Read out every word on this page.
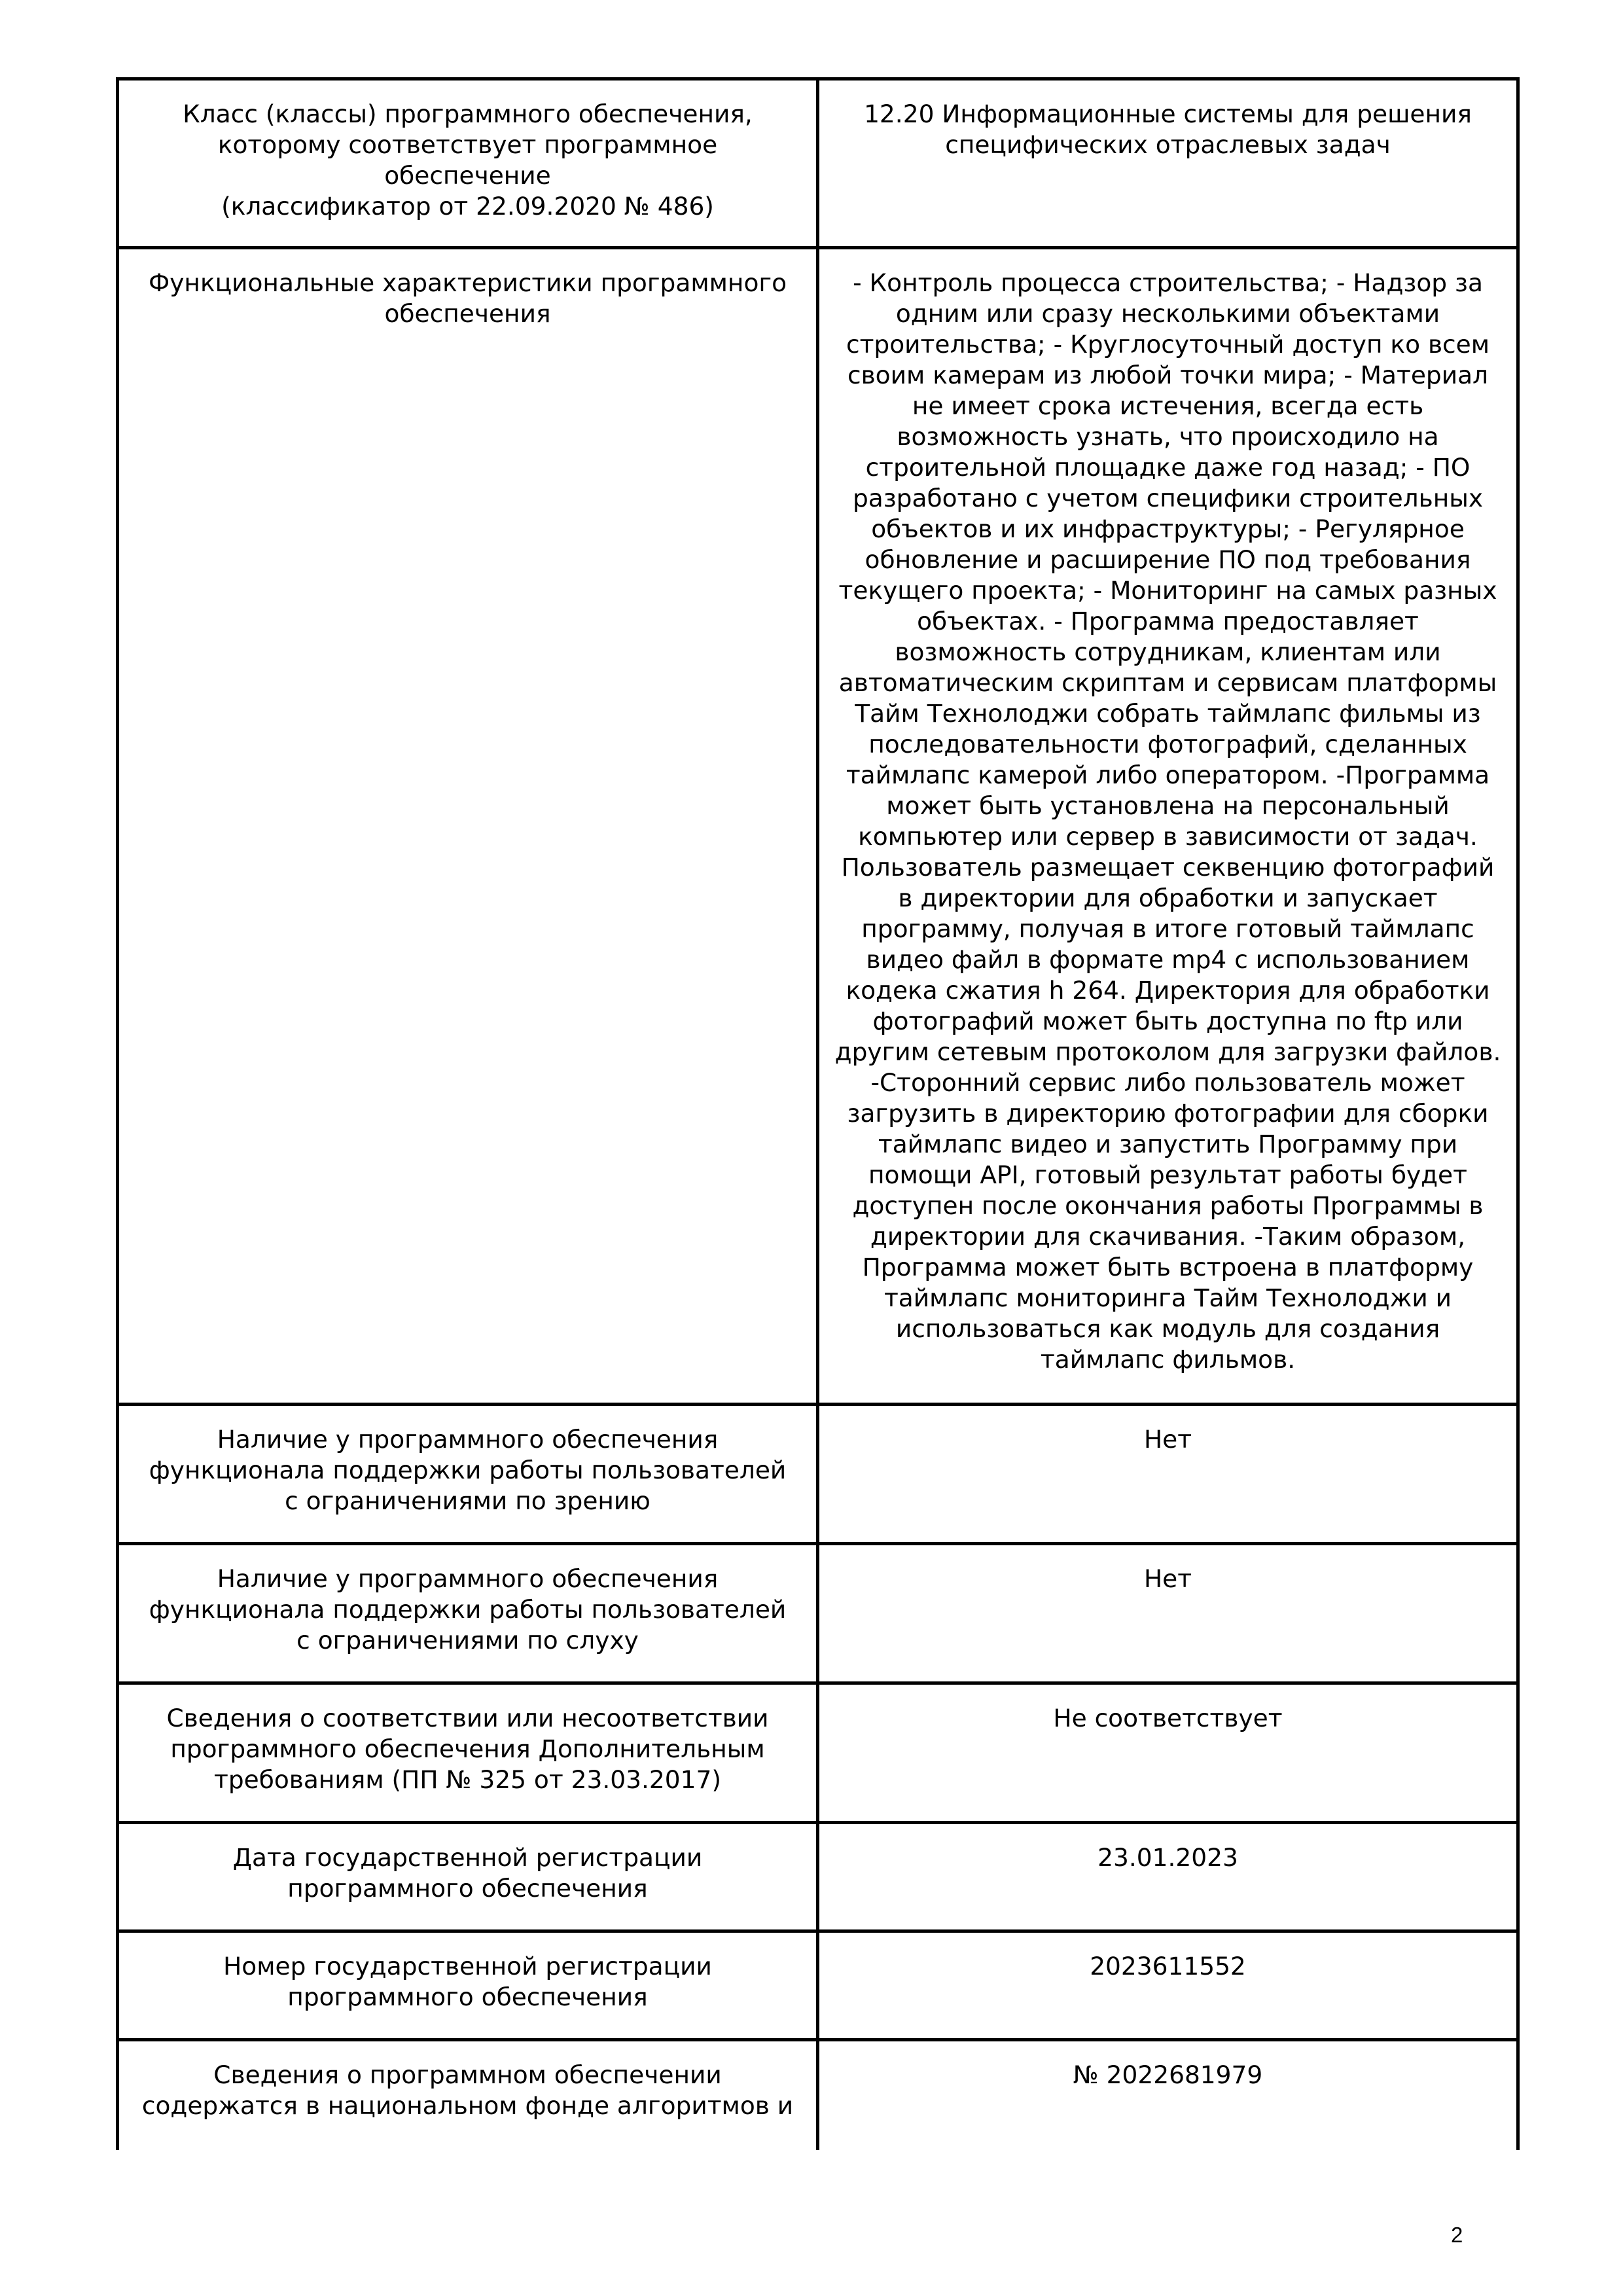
Класс (классы) программного обеспечения,
которому соответствует программное
обеспечение
(классификатор от 22.09.2020 № 486)	12.20 Информационные системы для решения специфических отраслевых задач
Функциональные характеристики программного
обеспечения	- Контроль процесса строительства; - Надзор за одним или сразу несколькими объектами строительства; - Круглосуточный доступ ко всем своим камерам из любой точки мира; - Материал не имеет срока истечения, всегда есть возможность узнать, что происходило на строительной площадке даже год назад; - ПО разработано с учетом специфики строительных объектов и их инфраструктуры; - Регулярное обновление и расширение ПО под требования текущего проекта; - Мониторинг на самых разных объектах. - Программа предоставляет возможность сотрудникам, клиентам или автоматическим скриптам и сервисам платформы Тайм Технолоджи собрать таймлапс фильмы из последовательности фотографий, сделанных таймлапс камерой либо оператором. -Программа может быть установлена на персональный компьютер или сервер в зависимости от задач. Пользователь размещает секвенцию фотографий в директории для обработки и запускает программу, получая в итоге готовый таймлапс видео файл в формате mp4 с использованием кодека сжатия h 264. Директория для обработки фотографий может быть доступна по ftp или другим сетевым протоколом для загрузки файлов. -Сторонний сервис либо пользователь может загрузить в директорию фотографии для сборки таймлапс видео и запустить Программу при помощи API, готовый результат работы будет доступен после окончания работы Программы в директории для скачивания. -Таким образом, Программа может быть встроена в платформу таймлапс мониторинга Тайм Технолоджи и использоваться как модуль для создания таймлапс фильмов.
Наличие у программного обеспечения
функционала поддержки работы пользователей
с ограничениями по зрению	Нет
Наличие у программного обеспечения
функционала поддержки работы пользователей
с ограничениями по слуху	Нет
Сведения о соответствии или несоответствии
программного обеспечения Дополнительным
требованиям (ПП № 325 от 23.03.2017)	Не соответствует
Дата государственной регистрации
программного обеспечения	23.01.2023
Номер государственной регистрации
программного обеспечения	2023611552
Сведения о программном обеспечении
содержатся в национальном фонде алгоритмов и	№ 2022681979
2
